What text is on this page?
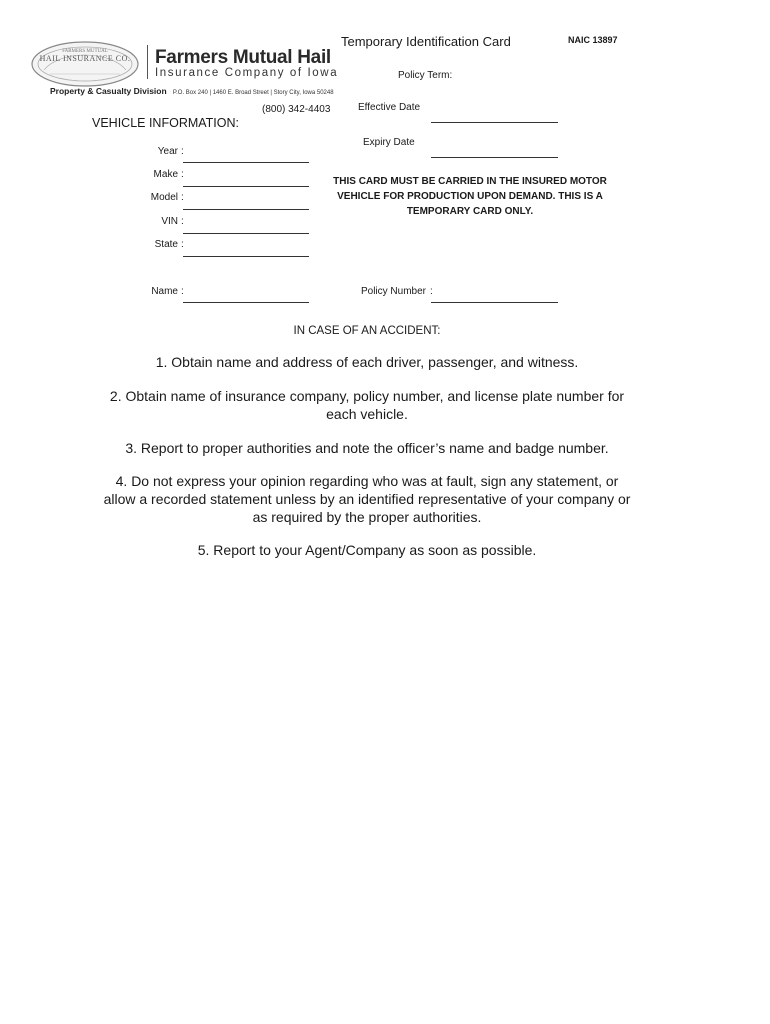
HAIL INSURANCE CO.
FARMERS MUTUAL Farmers Mutual Hail
Insurance Company of Iowa
Property & Casualty Division P.O. Box 240 | 1460 E. Broad Street | Story City, Iowa 50248
(800) 342-4403
Temporary Identification Card	NAIC 13897
Policy Term:
Effective Date
Expiry Date
VEHICLE INFORMATION:
Year :
Make :
Model :
VIN :
State :
Name :
THIS CARD MUST BE CARRIED IN THE INSURED MOTOR VEHICLE FOR PRODUCTION UPON DEMAND. THIS IS A TEMPORARY CARD ONLY.
Policy Number :
IN CASE OF AN ACCIDENT:
1. Obtain name and address of each driver, passenger, and witness.
2. Obtain name of insurance company, policy number, and license plate number for each vehicle.
3. Report to proper authorities and note the officer’s name and badge number.
4. Do not express your opinion regarding who was at fault, sign any statement, or allow a recorded statement unless by an identified representative of your company or as required by the proper authorities.
5. Report to your Agent/Company as soon as possible.
